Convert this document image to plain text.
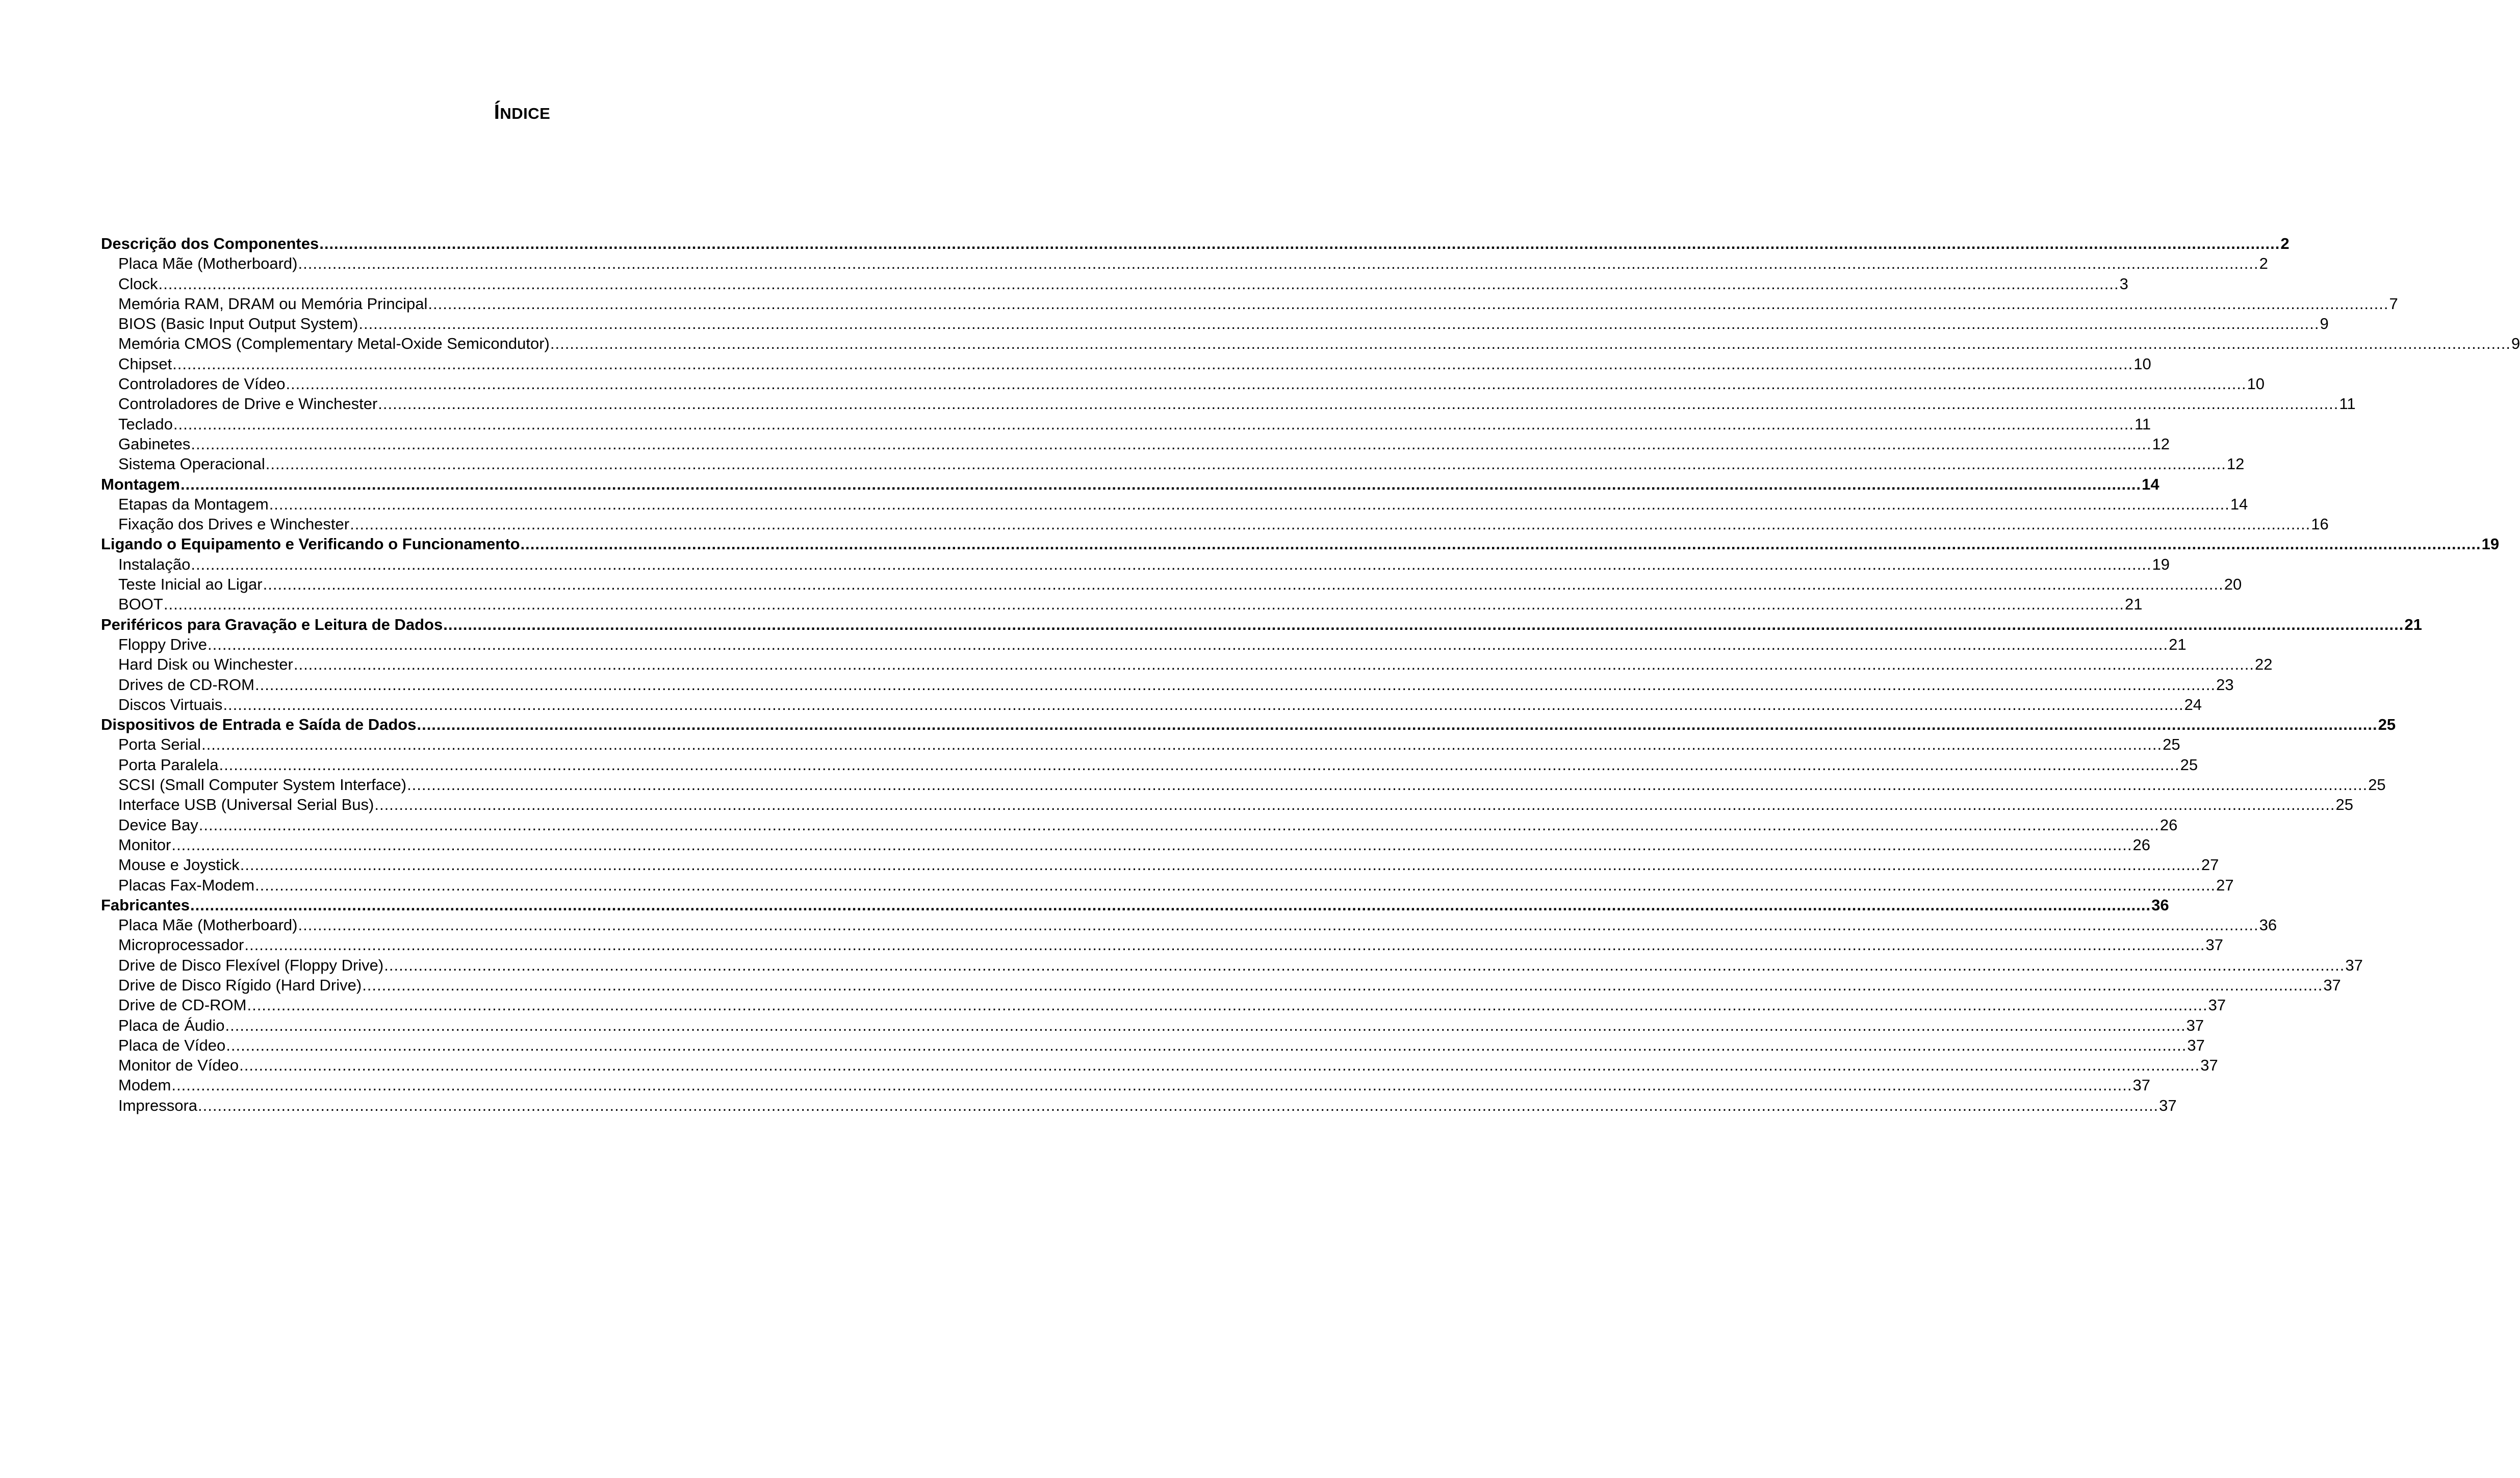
ÍNDICE
Descrição dos Componentes ................................................................................................................................................................................................................................................................................................................................................................................................................ 2
Placa Mãe (Motherboard) ................................................................................................................................................................................................................................................................................................................................................................................................................ 2
Clock ................................................................................................................................................................................................................................................................................................................................................................................................................ 3
Memória RAM, DRAM ou Memória Principal ................................................................................................................................................................................................................................................................................................................................................................................................................ 7
BIOS (Basic Input Output System) ................................................................................................................................................................................................................................................................................................................................................................................................................ 9
Memória CMOS (Complementary Metal-Oxide Semicondutor) ................................................................................................................................................................................................................................................................................................................................................................................................................ 9
Chipset ................................................................................................................................................................................................................................................................................................................................................................................................................ 10
Controladores de Vídeo ................................................................................................................................................................................................................................................................................................................................................................................................................ 10
Controladores de Drive e Winchester ................................................................................................................................................................................................................................................................................................................................................................................................................ 11
Teclado ................................................................................................................................................................................................................................................................................................................................................................................................................ 11
Gabinetes ................................................................................................................................................................................................................................................................................................................................................................................................................ 12
Sistema Operacional ................................................................................................................................................................................................................................................................................................................................................................................................................ 12
Montagem ................................................................................................................................................................................................................................................................................................................................................................................................................ 14
Etapas da Montagem ................................................................................................................................................................................................................................................................................................................................................................................................................ 14
Fixação dos Drives e Winchester ................................................................................................................................................................................................................................................................................................................................................................................................................ 16
Ligando o Equipamento e Verificando o Funcionamento ................................................................................................................................................................................................................................................................................................................................................................................................................ 19
Instalação ................................................................................................................................................................................................................................................................................................................................................................................................................ 19
Teste Inicial ao Ligar ................................................................................................................................................................................................................................................................................................................................................................................................................ 20
BOOT ................................................................................................................................................................................................................................................................................................................................................................................................................ 21
Periféricos para Gravação e Leitura de Dados ................................................................................................................................................................................................................................................................................................................................................................................................................ 21
Floppy Drive ................................................................................................................................................................................................................................................................................................................................................................................................................ 21
Hard Disk ou Winchester ................................................................................................................................................................................................................................................................................................................................................................................................................ 22
Drives de CD-ROM ................................................................................................................................................................................................................................................................................................................................................................................................................ 23
Discos Virtuais ................................................................................................................................................................................................................................................................................................................................................................................................................ 24
Dispositivos de Entrada e Saída de Dados ................................................................................................................................................................................................................................................................................................................................................................................................................ 25
Porta Serial ................................................................................................................................................................................................................................................................................................................................................................................................................ 25
Porta Paralela ................................................................................................................................................................................................................................................................................................................................................................................................................ 25
SCSI (Small Computer System Interface) ................................................................................................................................................................................................................................................................................................................................................................................................................ 25
Interface USB (Universal Serial Bus) ................................................................................................................................................................................................................................................................................................................................................................................................................ 25
Device Bay ................................................................................................................................................................................................................................................................................................................................................................................................................ 26
Monitor ................................................................................................................................................................................................................................................................................................................................................................................................................ 26
Mouse e Joystick ................................................................................................................................................................................................................................................................................................................................................................................................................ 27
Placas Fax-Modem ................................................................................................................................................................................................................................................................................................................................................................................................................ 27
Fabricantes ................................................................................................................................................................................................................................................................................................................................................................................................................ 36
Placa Mãe (Motherboard) ................................................................................................................................................................................................................................................................................................................................................................................................................ 36
Microprocessador ................................................................................................................................................................................................................................................................................................................................................................................................................ 37
Drive de Disco Flexível (Floppy Drive) ................................................................................................................................................................................................................................................................................................................................................................................................................ 37
Drive de Disco Rígido (Hard Drive) ................................................................................................................................................................................................................................................................................................................................................................................................................ 37
Drive de CD-ROM ................................................................................................................................................................................................................................................................................................................................................................................................................ 37
Placa de Áudio ................................................................................................................................................................................................................................................................................................................................................................................................................ 37
Placa de Vídeo ................................................................................................................................................................................................................................................................................................................................................................................................................ 37
Monitor de Vídeo ................................................................................................................................................................................................................................................................................................................................................................................................................ 37
Modem ................................................................................................................................................................................................................................................................................................................................................................................................................ 37
Impressora ................................................................................................................................................................................................................................................................................................................................................................................................................ 37
